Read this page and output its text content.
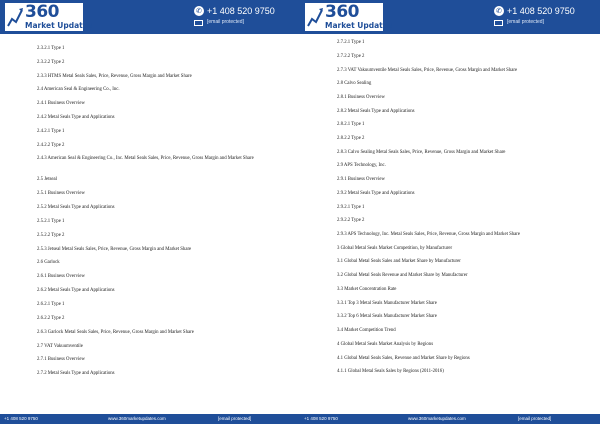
360
Market Updates
✆ +1 408 520 9750
[email protected]
2.3.2.1 Type 1
2.3.2.2 Type 2
2.3.3 HTMS Metal Seals Sales, Price, Revenue, Gross Margin and Market Share
2.4 American Seal & Engineering Co., Inc.
2.4.1 Business Overview
2.4.2 Metal Seals Type and Applications
2.4.2.1 Type 1
2.4.2.2 Type 2
2.4.3 American Seal & Engineering Co., Inc. Metal Seals Sales, Price, Revenue, Gross Margin and Market Share
2.5 Jetseal
2.5.1 Business Overview
2.5.2 Metal Seals Type and Applications
2.5.2.1 Type 1
2.5.2.2 Type 2
2.5.3 Jetseal Metal Seals Sales, Price, Revenue, Gross Margin and Market Share
2.6 Garlock
2.6.1 Business Overview
2.6.2 Metal Seals Type and Applications
2.6.2.1 Type 1
2.6.2.2 Type 2
2.6.3 Garlock Metal Seals Sales, Price, Revenue, Gross Margin and Market Share
2.7 VAT Vakuumventile
2.7.1 Business Overview
2.7.2 Metal Seals Type and Applications
+1 408 520 9750	www.360marketupdates.com	[email protected]
360
Market Updates
✆ +1 408 520 9750
[email protected]
2.7.2.1 Type 1
2.7.2.2 Type 2
2.7.3 VAT Vakuumventile Metal Seals Sales, Price, Revenue, Gross Margin and Market Share
2.8 Calvo Sealing
2.8.1 Business Overview
2.8.2 Metal Seals Type and Applications
2.8.2.1 Type 1
2.8.2.2 Type 2
2.8.3 Calvo Sealing Metal Seals Sales, Price, Revenue, Gross Margin and Market Share
2.9 APS Technology, Inc.
2.9.1 Business Overview
2.9.2 Metal Seals Type and Applications
2.9.2.1 Type 1
2.9.2.2 Type 2
2.9.3 APS Technology, Inc. Metal Seals Sales, Price, Revenue, Gross Margin and Market Share
3 Global Metal Seals Market Competition, by Manufacturer
3.1 Global Metal Seals Sales and Market Share by Manufacturer
3.2 Global Metal Seals Revenue and Market Share by Manufacturer
3.3 Market Concentration Rate
3.3.1 Top 3 Metal Seals Manufacturer Market Share
3.3.2 Top 6 Metal Seals Manufacturer Market Share
3.4 Market Competition Trend
4 Global Metal Seals Market Analysis by Regions
4.1 Global Metal Seals Sales, Revenue and Market Share by Regions
4.1.1 Global Metal Seals Sales by Regions (2011-2016)
+1 408 520 9750	www.360marketupdates.com	[email protected]
